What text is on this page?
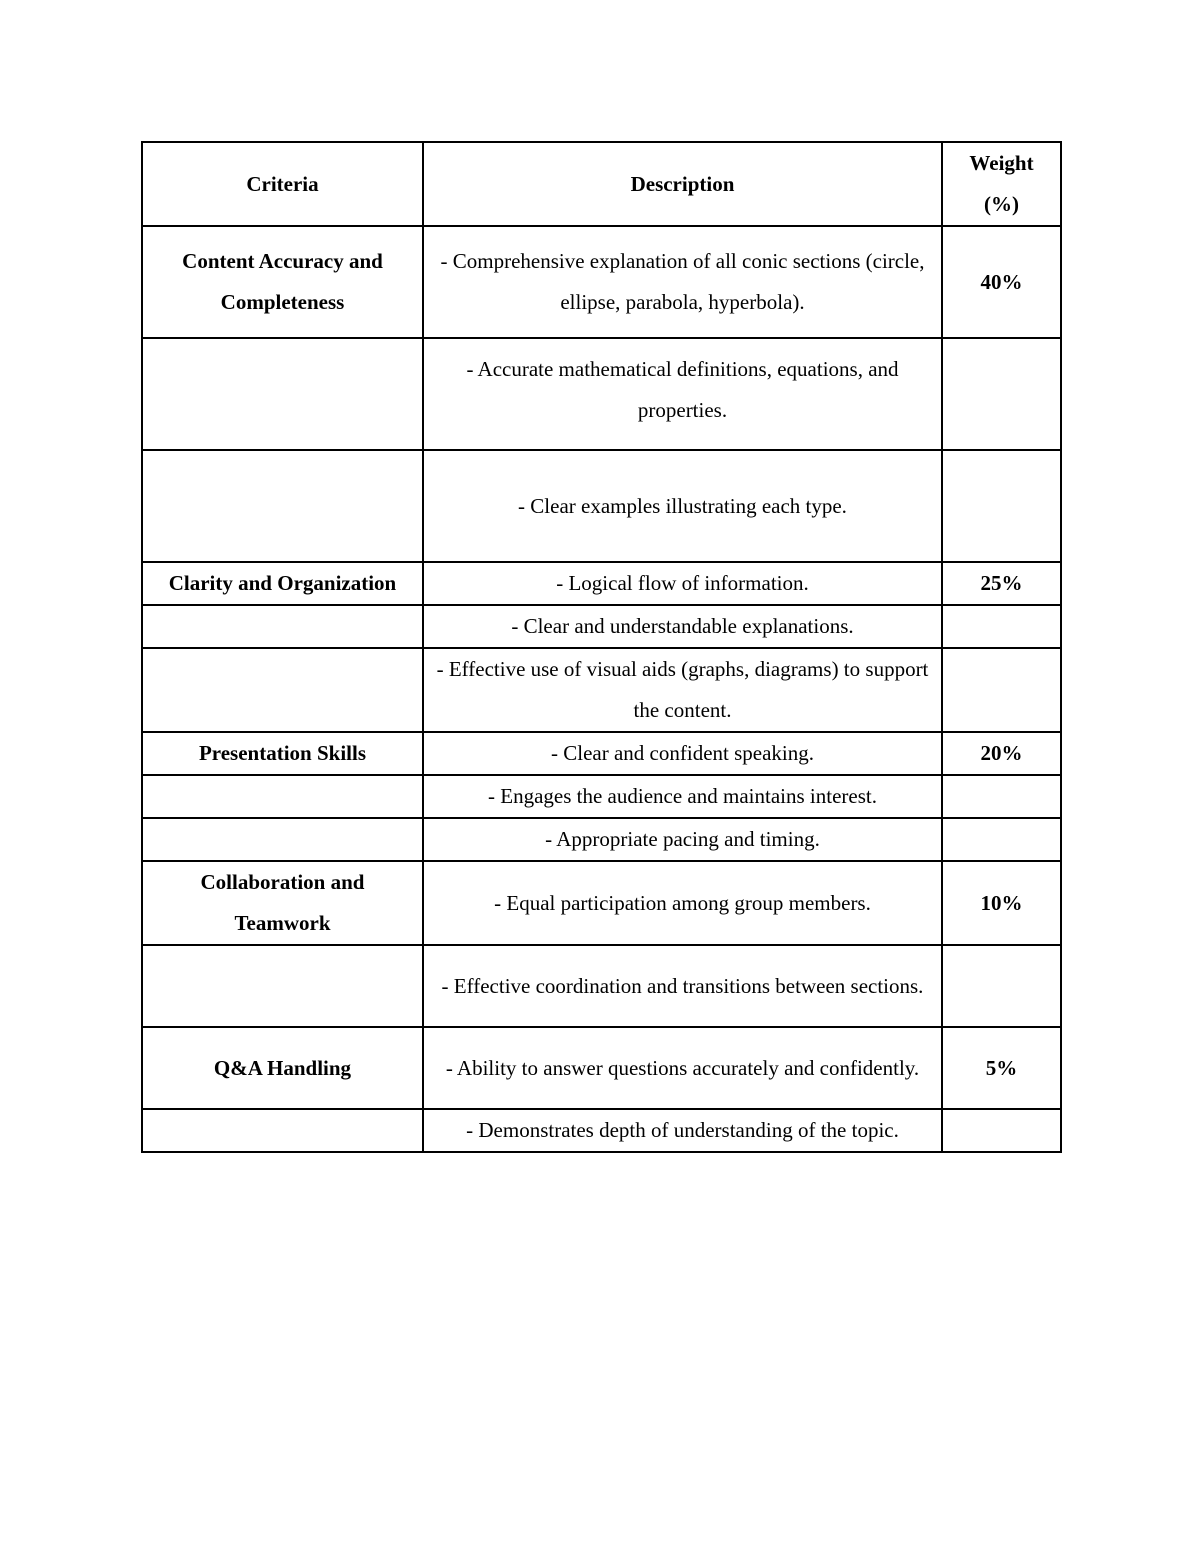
Criteria	Description	Weight (%)
Content Accuracy and Completeness	- Comprehensive explanation of all conic sections (circle, ellipse, parabola, hyperbola).	40%
	- Accurate mathematical definitions, equations, and properties.	
	- Clear examples illustrating each type.	
Clarity and Organization	- Logical flow of information.	25%
	- Clear and understandable explanations.	
	- Effective use of visual aids (graphs, diagrams) to support the content.	
Presentation Skills	- Clear and confident speaking.	20%
	- Engages the audience and maintains interest.	
	- Appropriate pacing and timing.	
Collaboration and Teamwork	- Equal participation among group members.	10%
	- Effective coordination and transitions between sections.	
Q&A Handling	- Ability to answer questions accurately and confidently.	5%
	- Demonstrates depth of understanding of the topic.	
